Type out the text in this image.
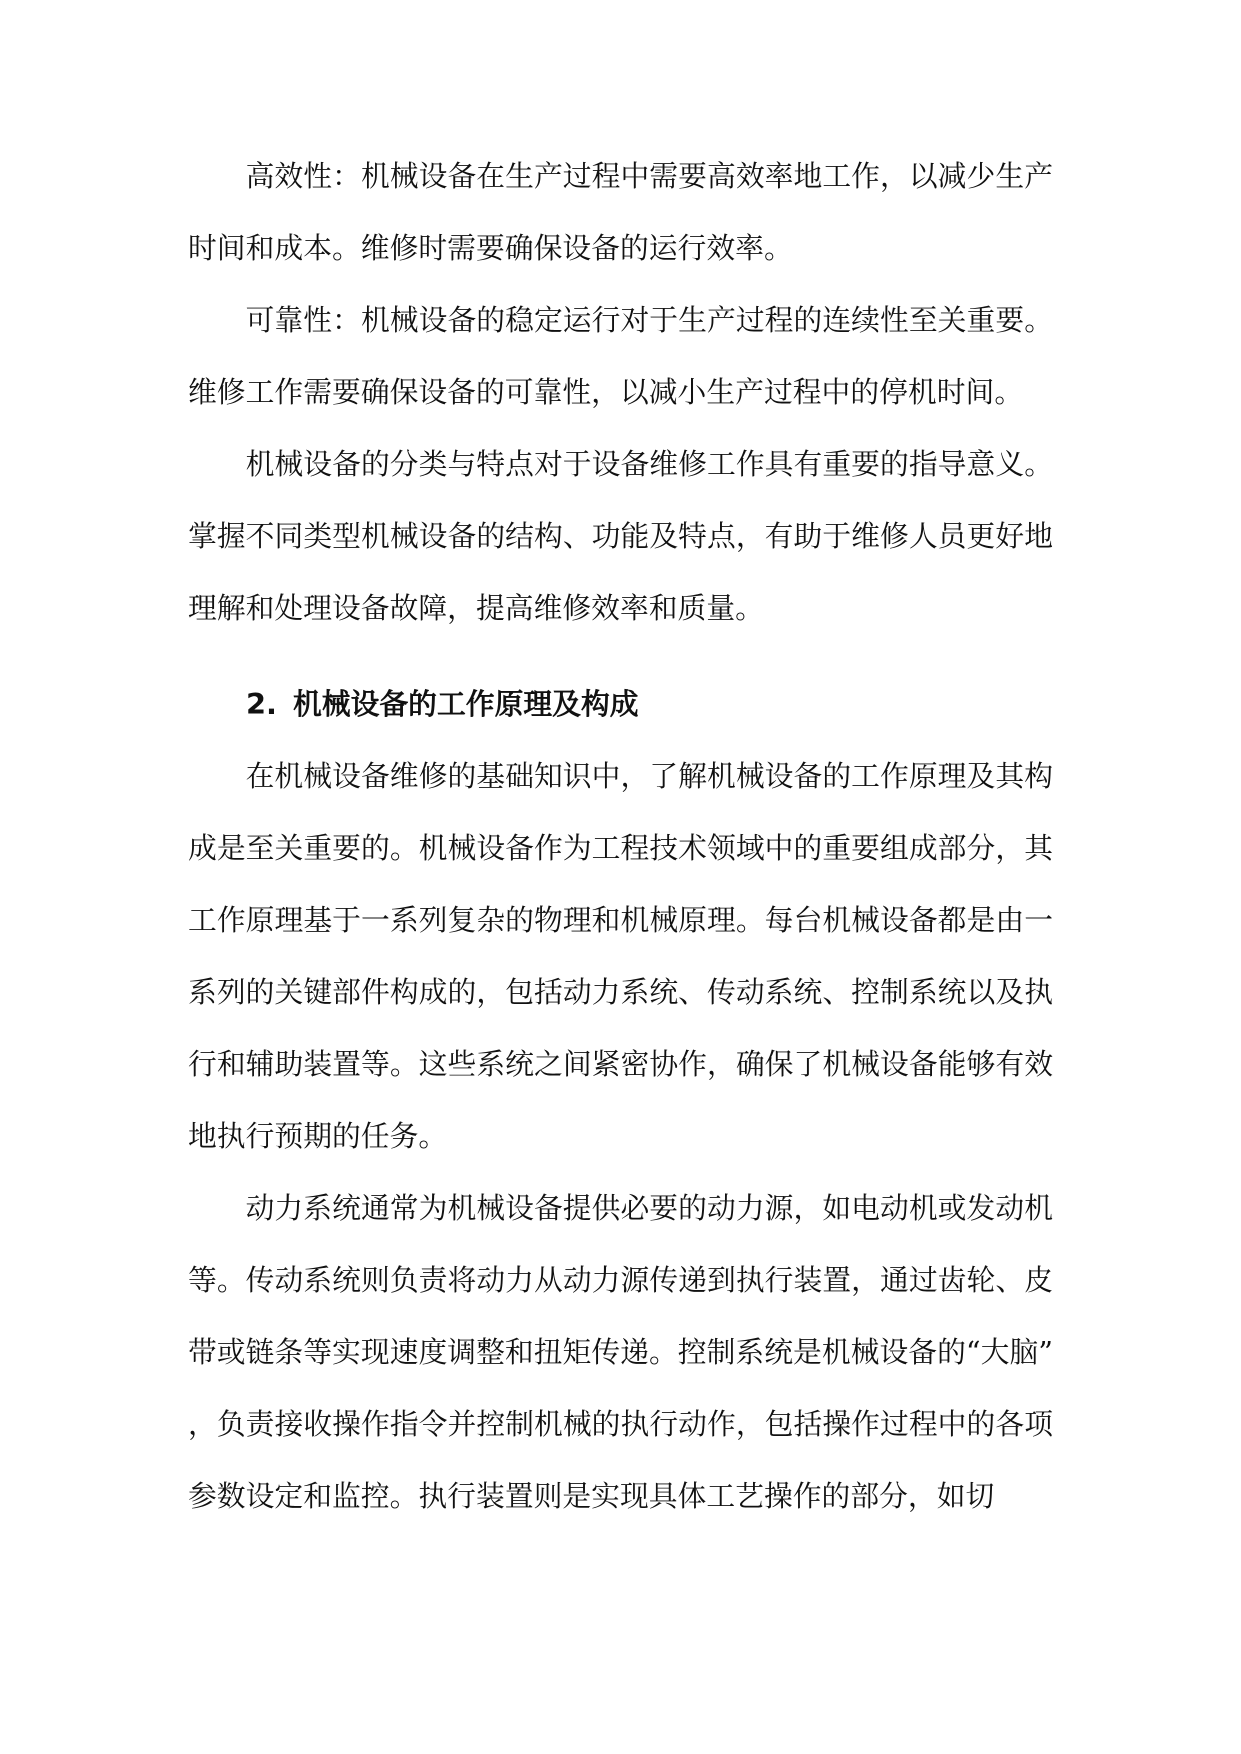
高效性：机械设备在生产过程中需要高效率地工作，以减少生产时间和成本。维修时需要确保设备的运行效率。

可靠性：机械设备的稳定运行对于生产过程的连续性至关重要。维修工作需要确保设备的可靠性，以减小生产过程中的停机时间。

机械设备的分类与特点对于设备维修工作具有重要的指导意义。掌握不同类型机械设备的结构、功能及特点，有助于维修人员更好地理解和处理设备故障，提高维修效率和质量。

2. 机械设备的工作原理及构成

在机械设备维修的基础知识中，了解机械设备的工作原理及其构成是至关重要的。机械设备作为工程技术领域中的重要组成部分，其工作原理基于一系列复杂的物理和机械原理。每台机械设备都是由一系列的关键部件构成的，包括动力系统、传动系统、控制系统以及执行和辅助装置等。这些系统之间紧密协作，确保了机械设备能够有效地执行预期的任务。

动力系统通常为机械设备提供必要的动力源，如电动机或发动机等。传动系统则负责将动力从动力源传递到执行装置，通过齿轮、皮带或链条等实现速度调整和扭矩传递。控制系统是机械设备的“大脑”，负责接收操作指令并控制机械的执行动作，包括操作过程中的各项参数设定和监控。执行装置则是实现具体工艺操作的部分，如切
